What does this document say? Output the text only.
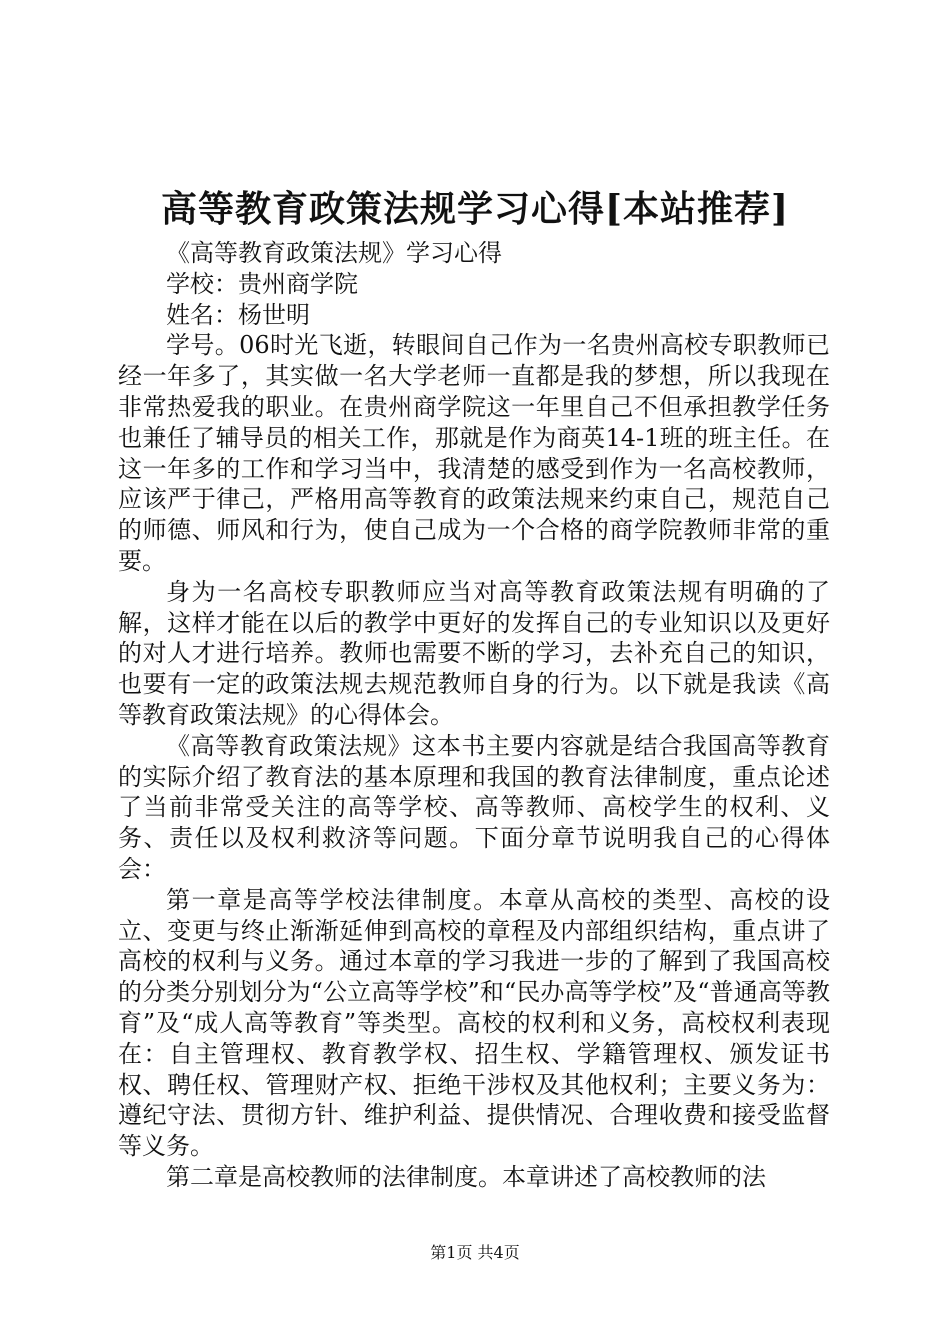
高等教育政策法规学习心得[本站推荐]

《高等教育政策法规》学习心得

学校：贵州商学院

姓名：杨世明

学号。06时光飞逝，转眼间自己作为一名贵州高校专职教师已经一年多了，其实做一名大学老师一直都是我的梦想，所以我现在非常热爱我的职业。在贵州商学院这一年里自己不但承担教学任务也兼任了辅导员的相关工作，那就是作为商英14-1班的班主任。在这一年多的工作和学习当中，我清楚的感受到作为一名高校教师，应该严于律己，严格用高等教育的政策法规来约束自己，规范自己的师德、师风和行为，使自己成为一个合格的商学院教师非常的重要。

身为一名高校专职教师应当对高等教育政策法规有明确的了解，这样才能在以后的教学中更好的发挥自己的专业知识以及更好的对人才进行培养。教师也需要不断的学习，去补充自己的知识，也要有一定的政策法规去规范教师自身的行为。以下就是我读《高等教育政策法规》的心得体会。

《高等教育政策法规》这本书主要内容就是结合我国高等教育的实际介绍了教育法的基本原理和我国的教育法律制度，重点论述了当前非常受关注的高等学校、高等教师、高校学生的权利、义务、责任以及权利救济等问题。下面分章节说明我自己的心得体会：

第一章是高等学校法律制度。本章从高校的类型、高校的设立、变更与终止渐渐延伸到高校的章程及内部组织结构，重点讲了高校的权利与义务。通过本章的学习我进一步的了解到了我国高校的分类分别划分为“公立高等学校”和“民办高等学校”及“普通高等教育”及“成人高等教育”等类型。高校的权利和义务，高校权利表现在：自主管理权、教育教学权、招生权、学籍管理权、颁发证书权、聘任权、管理财产权、拒绝干涉权及其他权利；主要义务为：遵纪守法、贯彻方针、维护利益、提供情况、合理收费和接受监督等义务。

第二章是高校教师的法律制度。本章讲述了高校教师的法

第1页 共4页
